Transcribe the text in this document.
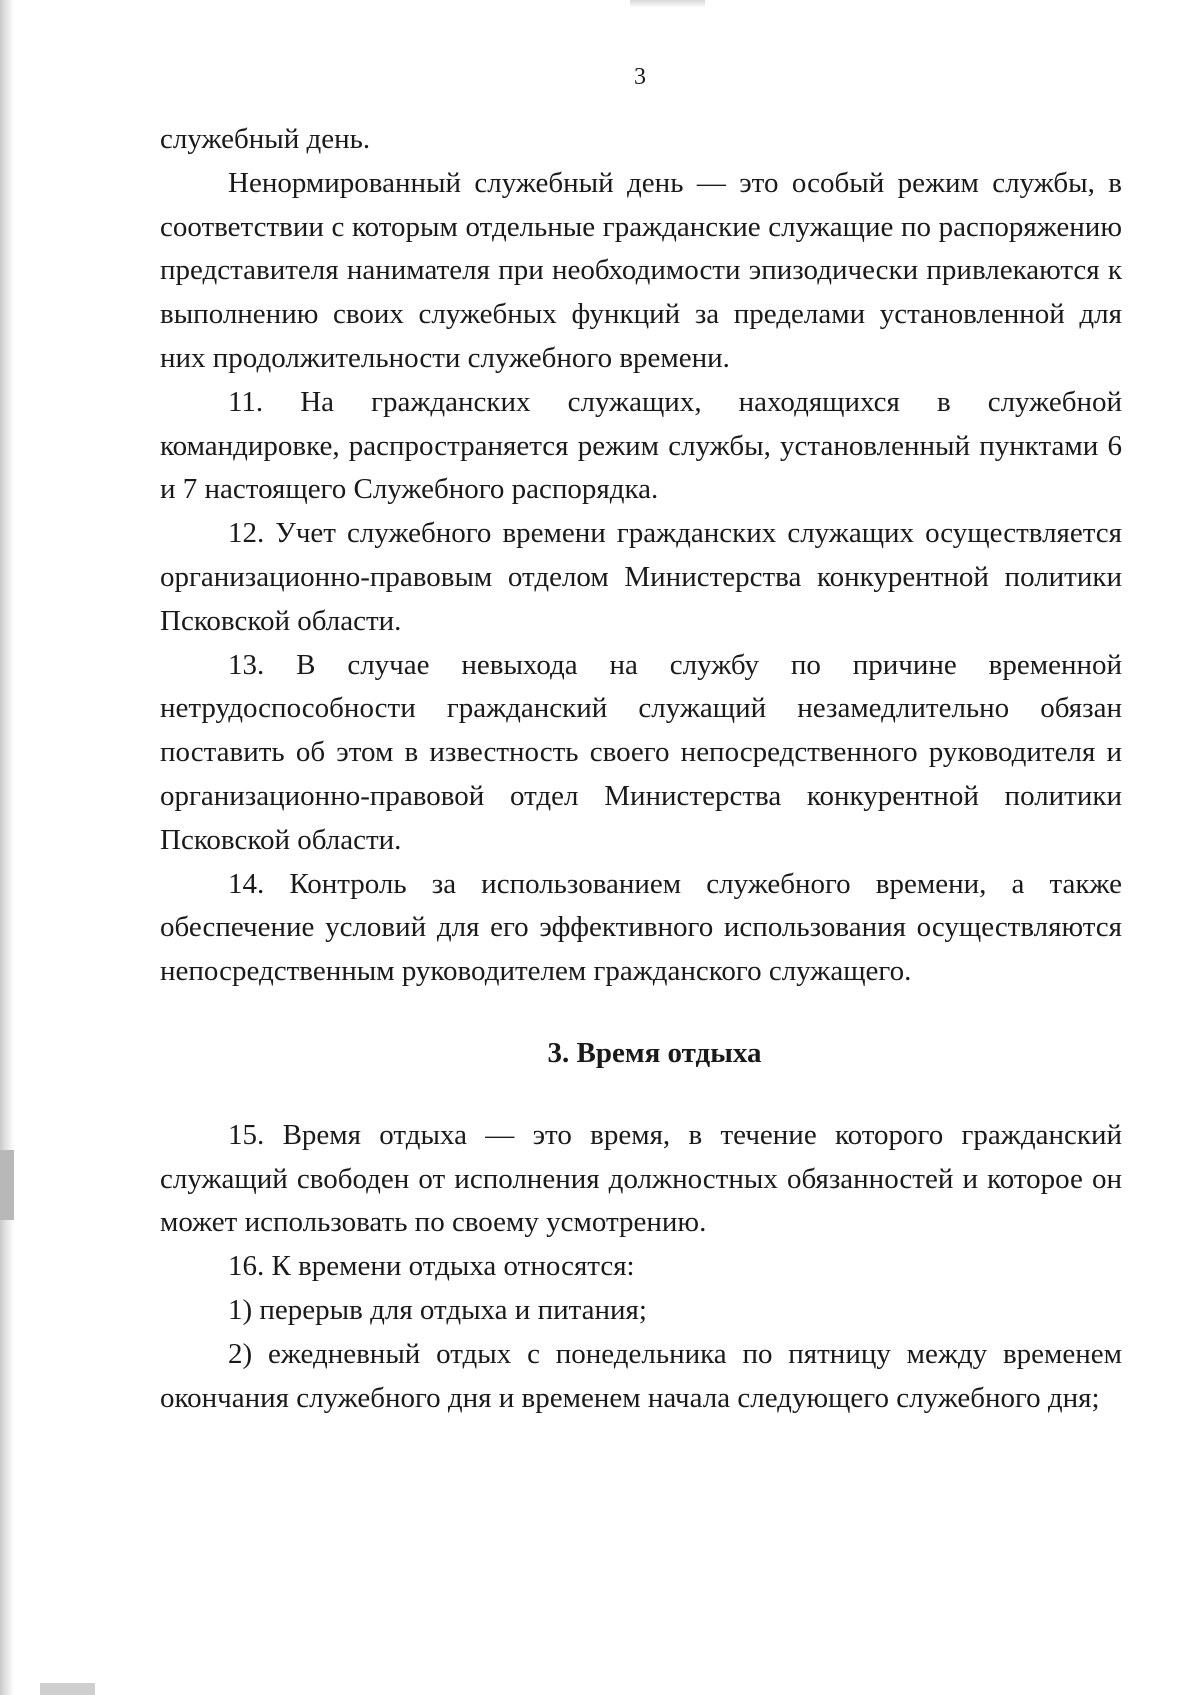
3

служебный день.

Ненормированный служебный день — это особый режим службы, в соответствии с которым отдельные гражданские служащие по распоряжению представителя нанимателя при необходимости эпизодически привлекаются к выполнению своих служебных функций за пределами установленной для них продолжительности служебного времени.

11. На гражданских служащих, находящихся в служебной командировке, распространяется режим службы, установленный пунктами 6 и 7 настоящего Служебного распорядка.

12. Учет служебного времени гражданских служащих осуществляется организационно-правовым отделом Министерства конкурентной политики Псковской области.

13. В случае невыхода на службу по причине временной нетрудоспособности гражданский служащий незамедлительно обязан поставить об этом в известность своего непосредственного руководителя и организационно-правовой отдел Министерства конкурентной политики Псковской области.

14. Контроль за использованием служебного времени, а также обеспечение условий для его эффективного использования осуществляются непосредственным руководителем гражданского служащего.

3. Время отдыха

15. Время отдыха — это время, в течение которого гражданский служащий свободен от исполнения должностных обязанностей и которое он может использовать по своему усмотрению.

16. К времени отдыха относятся:

1) перерыв для отдыха и питания;

2) ежедневный отдых с понедельника по пятницу между временем окончания служебного дня и временем начала следующего служебного дня;
